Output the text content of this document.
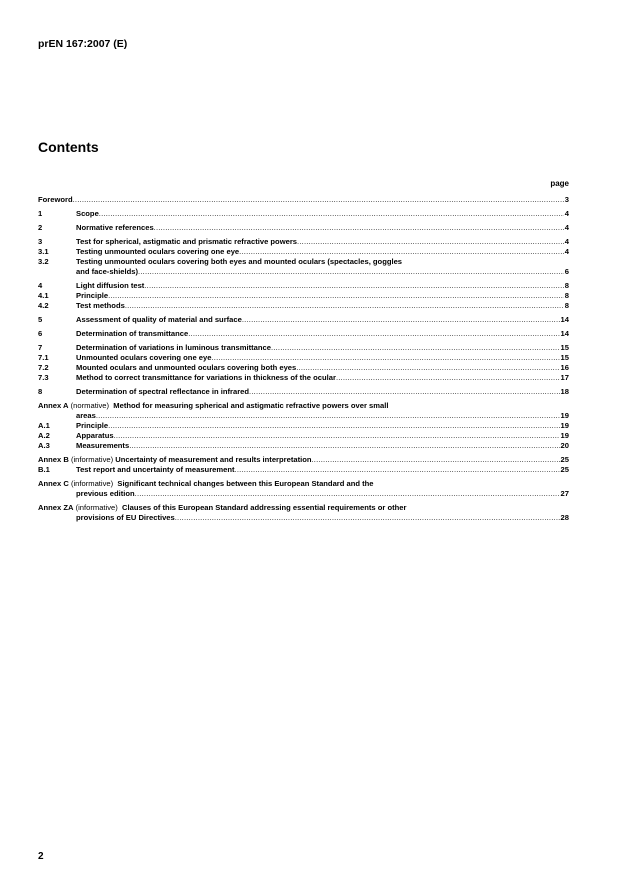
prEN 167:2007 (E)
Contents
page
Foreword .....	3
1	Scope .....	4
2	Normative references .....	4
3	Test for spherical, astigmatic and prismatic refractive powers .....	4
3.1	Testing unmounted oculars covering one eye .....	4
3.2	Testing unmounted oculars covering both eyes and mounted oculars (spectacles, goggles
and face-shields) .....	6
4	Light diffusion test .....	8
4.1	Principle .....	8
4.2	Test methods .....	8
5	Assessment of quality of material and surface .....	14
6	Determination of transmittance .....	14
7	Determination of variations in luminous transmittance .....	15
7.1	Unmounted oculars covering one eye .....	15
7.2	Mounted oculars and unmounted oculars covering both eyes .....	16
7.3	Method to correct transmittance for variations in thickness of the ocular .....	17
8	Determination of spectral reflectance in infrared .....	18
Annex A (normative) Method for measuring spherical and astigmatic refractive powers over small
areas .....	19
A.1	Principle .....	19
A.2	Apparatus .....	19
A.3	Measurements .....	20
Annex B (informative) Uncertainty of measurement and results interpretation .....	25
B.1	Test report and uncertainty of measurement .....	25
Annex C (informative) Significant technical changes between this European Standard and the
previous edition .....	27
Annex ZA (informative) Clauses of this European Standard addressing essential requirements or other
provisions of EU Directives .....	28
2
